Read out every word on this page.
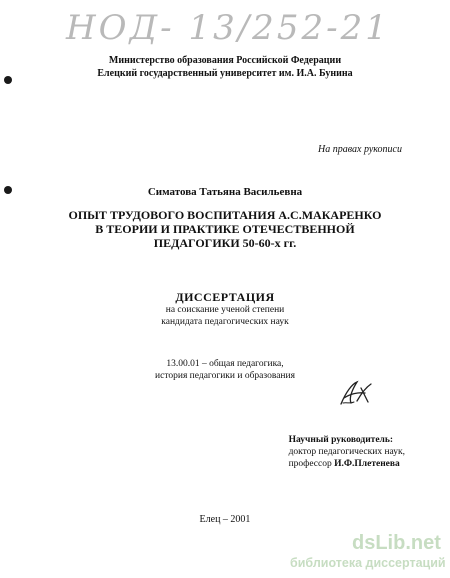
НОД- 13/252-21
Министерство образования Российской Федерации
Елецкий государственный университет им. И.А. Бунина
На правах рукописи
Симатова Татьяна Васильевна
ОПЫТ ТРУДОВОГО ВОСПИТАНИЯ А.С.МАКАРЕНКО
В ТЕОРИИ И ПРАКТИКЕ ОТЕЧЕСТВЕННОЙ
ПЕДАГОГИКИ 50-60-х гг.
ДИССЕРТАЦИЯ
на соискание ученой степени
кандидата педагогических наук
13.00.01 – общая педагогика,
история педагогики и образования
Научный руководитель:
доктор педагогических наук,
профессор И.Ф.Плетенева
Елец – 2001
dsLib.net
библиотека диссертаций
